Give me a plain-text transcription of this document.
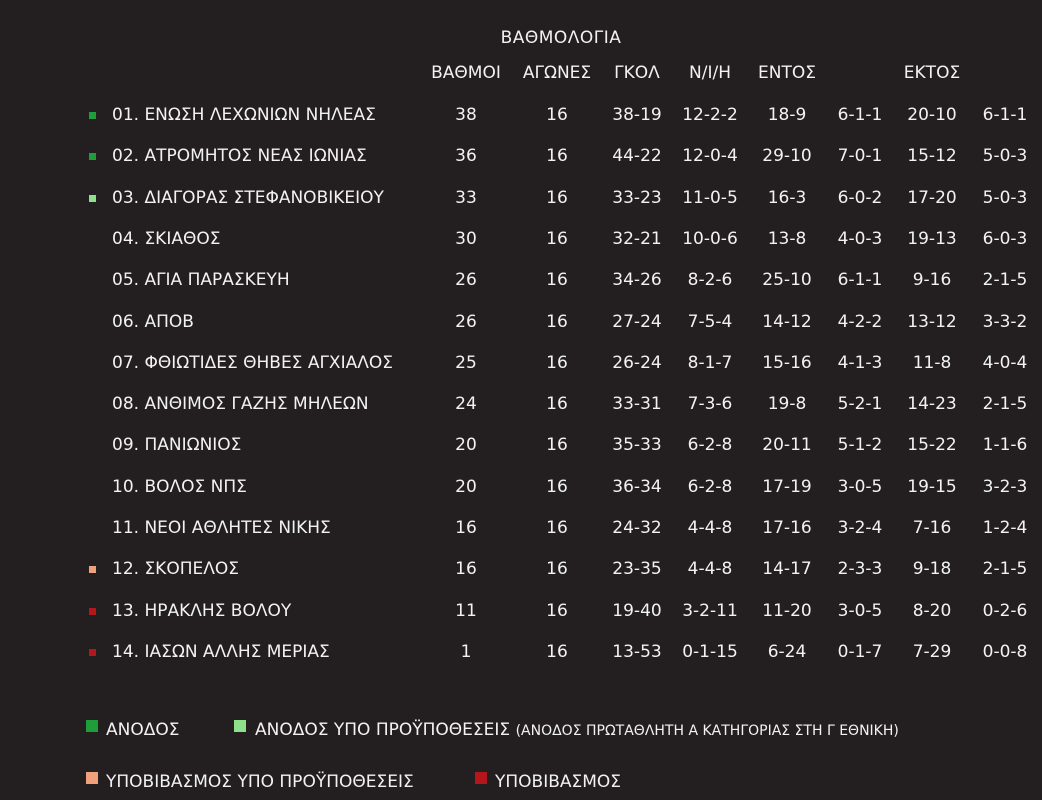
ΒΑΘΜΟΛΟΓΙΑ
ΒΑΘΜΟΙ ΑΓΩΝΕΣ ΓΚΟΛ Ν/Ι/Η ΕΝΤΟΣ	ΕΚΤΟΣ
01. ΕΝΩΣΗ ΛΕΧΩΝΙΩΝ ΝΗΛΕΑΣ	38	16	38-19 12-2-2 18-9 6-1-1 20-10 6-1-1
02. ΑΤΡΟΜΗΤΟΣ ΝΕΑΣ ΙΩΝΙΑΣ	36	16	44-22 12-0-4 29-10 7-0-1 15-12 5-0-3
03. ΔΙΑΓΟΡΑΣ ΣΤΕΦΑΝΟΒΙΚΕΙΟΥ	33	16	33-23 11-0-5 16-3 6-0-2 17-20 5-0-3
04. ΣΚΙΑΘΟΣ	30	16	32-21 10-0-6 13-8 4-0-3 19-13 6-0-3
05. ΑΓΙΑ ΠΑΡΑΣΚΕΥΗ	26	16	34-26 8-2-6 25-10 6-1-1 9-16 2-1-5
06. ΑΠΟΒ	26	16	27-24 7-5-4 14-12 4-2-2 13-12 3-3-2
07. ΦΘΙΩΤΙΔΕΣ ΘΗΒΕΣ ΑΓΧΙΑΛΟΣ	25	16	26-24 8-1-7 15-16 4-1-3 11-8 4-0-4
08. ΑΝΘΙΜΟΣ ΓΑΖΗΣ ΜΗΛΕΩΝ	24	16	33-31 7-3-6 19-8 5-2-1 14-23 2-1-5
09. ΠΑΝΙΩΝΙΟΣ	20	16	35-33 6-2-8 20-11 5-1-2 15-22 1-1-6
10. ΒΟΛΟΣ ΝΠΣ	20	16	36-34 6-2-8 17-19 3-0-5 19-15 3-2-3
11. ΝΕΟΙ ΑΘΛΗΤΕΣ ΝΙΚΗΣ	16	16	24-32 4-4-8 17-16 3-2-4 7-16 1-2-4
12. ΣΚΟΠΕΛΟΣ	16	16	23-35 4-4-8 14-17 2-3-3 9-18 2-1-5
13. ΗΡΑΚΛΗΣ ΒΟΛΟΥ	11	16	19-40 3-2-11 11-20 3-0-5 8-20 0-2-6
14. ΙΑΣΩΝ ΑΛΛΗΣ ΜΕΡΙΑΣ	1	16	13-53 0-1-15 6-24 0-1-7 7-29 0-0-8
ΑΝΟΔΟΣ	ΑΝΟΔΟΣ ΥΠΟ ΠΡΟΫΠΟΘΕΣΕΙΣ (ΑΝΟΔΟΣ ΠΡΩΤΑΘΛΗΤΗ Α ΚΑΤΗΓΟΡΙΑΣ ΣΤΗ Γ ΕΘΝΙΚΗ)
ΥΠΟΒΙΒΑΣΜΟΣ ΥΠΟ ΠΡΟΫΠΟΘΕΣΕΙΣ	ΥΠΟΒΙΒΑΣΜΟΣ
